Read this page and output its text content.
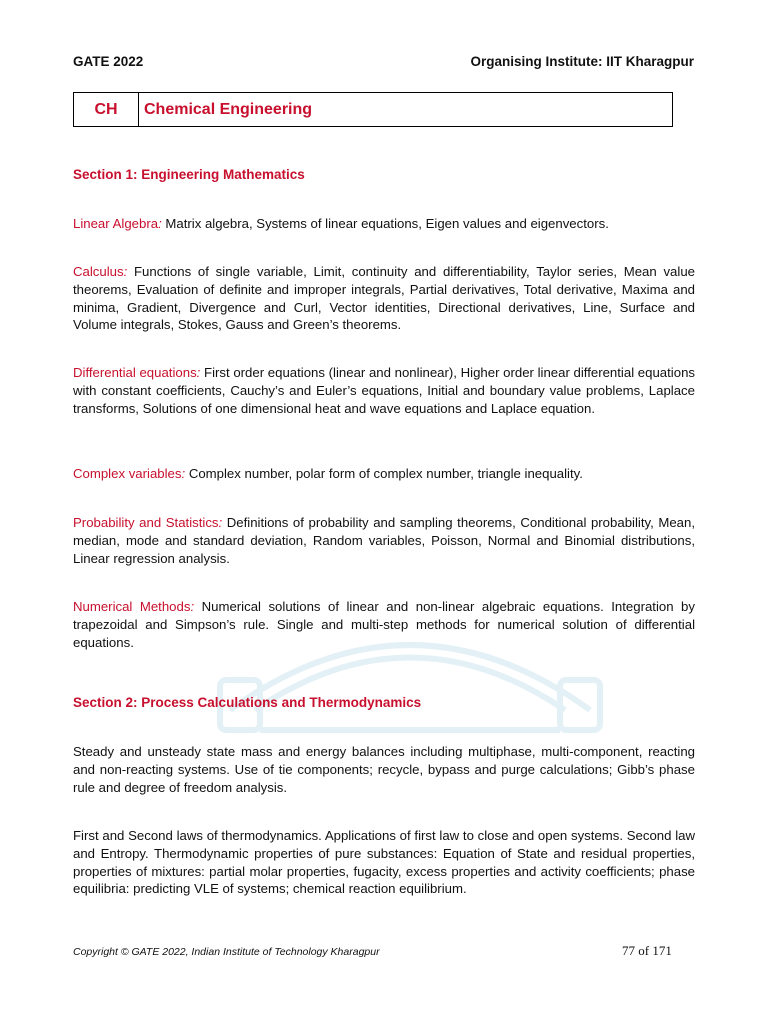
GATE 2022	Organising Institute: IIT Kharagpur
CH	Chemical Engineering
Section 1: Engineering Mathematics
Linear Algebra: Matrix algebra, Systems of linear equations, Eigen values and eigenvectors.
Calculus: Functions of single variable, Limit, continuity and differentiability, Taylor series, Mean value theorems, Evaluation of definite and improper integrals, Partial derivatives, Total derivative, Maxima and minima, Gradient, Divergence and Curl, Vector identities, Directional derivatives, Line, Surface and Volume integrals, Stokes, Gauss and Green’s theorems.
Differential equations: First order equations (linear and nonlinear), Higher order linear differential equations with constant coefficients, Cauchy’s and Euler’s equations, Initial and boundary value problems, Laplace transforms, Solutions of one dimensional heat and wave equations and Laplace equation.
Complex variables: Complex number, polar form of complex number, triangle inequality.
Probability and Statistics: Definitions of probability and sampling theorems, Conditional probability, Mean, median, mode and standard deviation, Random variables, Poisson, Normal and Binomial distributions, Linear regression analysis.
Numerical Methods: Numerical solutions of linear and non-linear algebraic equations. Integration by trapezoidal and Simpson’s rule. Single and multi-step methods for numerical solution of differential equations.
Section 2: Process Calculations and Thermodynamics
Steady and unsteady state mass and energy balances including multiphase, multi-component, reacting and non-reacting systems. Use of tie components; recycle, bypass and purge calculations; Gibb’s phase rule and degree of freedom analysis.
First and Second laws of thermodynamics. Applications of first law to close and open systems. Second law and Entropy. Thermodynamic properties of pure substances: Equation of State and residual properties, properties of mixtures: partial molar properties, fugacity, excess properties and activity coefficients; phase equilibria: predicting VLE of systems; chemical reaction equilibrium.
Copyright © GATE 2022, Indian Institute of Technology Kharagpur	77 of 171
